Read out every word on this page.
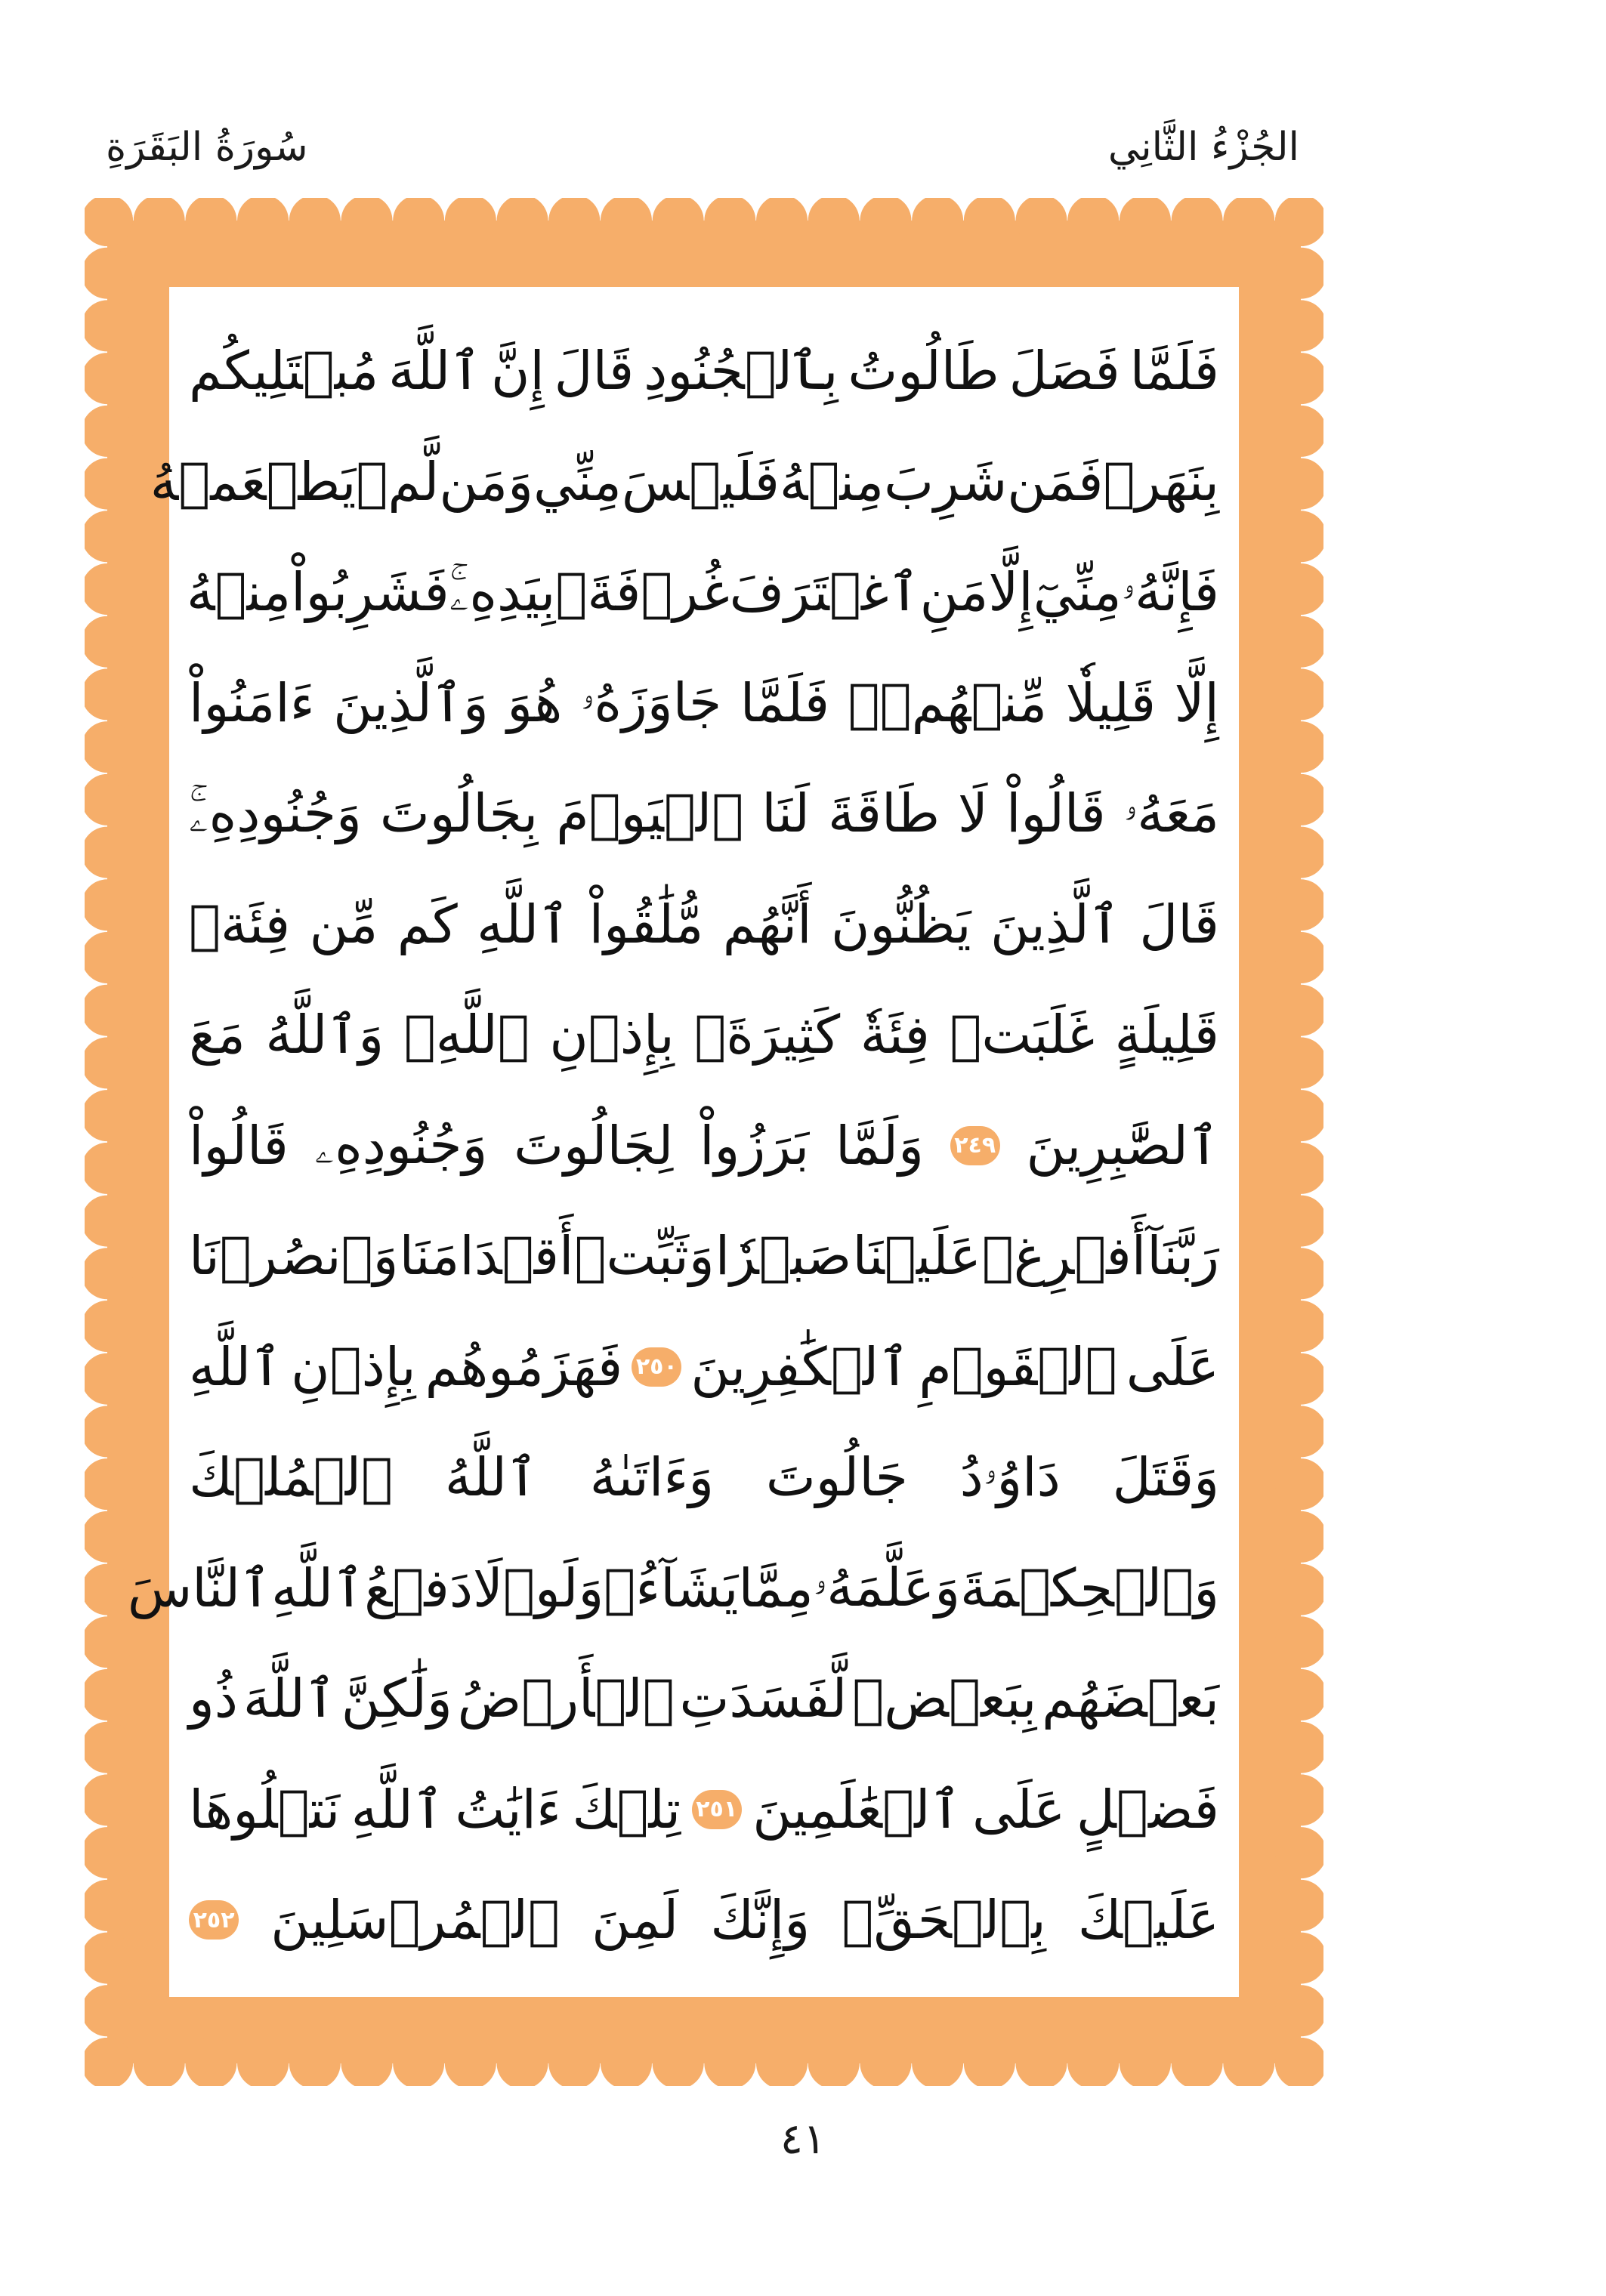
الجُزْءُ الثَّانِي
سُورَةُ البَقَرَةِ
فَلَمَّا
فَصَلَ
طَالُوتُ
بِٱلۡجُنُودِ
قَالَ
إِنَّ
ٱللَّهَ
مُبۡتَلِيكُم
بِنَهَرٖ
فَمَن
شَرِبَ
مِنۡهُ
فَلَيۡسَ
مِنِّي
وَمَن
لَّمۡ
يَطۡعَمۡهُ
فَإِنَّهُۥ
مِنِّيٓ
إِلَّا
مَنِ
ٱغۡتَرَفَ
غُرۡفَةَۢ
بِيَدِهِۦۚ
فَشَرِبُواْ
مِنۡهُ
إِلَّا
قَلِيلٗا
مِّنۡهُمۡۚ
فَلَمَّا
جَاوَزَهُۥ
هُوَ
وَٱلَّذِينَ
ءَامَنُواْ
مَعَهُۥ
قَالُواْ
لَا
طَاقَةَ
لَنَا
ٱلۡيَوۡمَ
بِجَالُوتَ
وَجُنُودِهِۦۚ
قَالَ
ٱلَّذِينَ
يَظُنُّونَ
أَنَّهُم
مُّلَٰقُواْ
ٱللَّهِ
كَم
مِّن
فِئَةٖ
قَلِيلَةٍ
غَلَبَتۡ
فِئَةٗ
كَثِيرَةَۢ
بِإِذۡنِ
ٱللَّهِۗ
وَٱللَّهُ
مَعَ
ٱلصَّٰبِرِينَ
٢٤٩
وَلَمَّا
بَرَزُواْ
لِجَالُوتَ
وَجُنُودِهِۦ
قَالُواْ
رَبَّنَآ
أَفۡرِغۡ
عَلَيۡنَا
صَبۡرٗا
وَثَبِّتۡ
أَقۡدَامَنَا
وَٱنصُرۡنَا
عَلَى
ٱلۡقَوۡمِ
ٱلۡكَٰفِرِينَ
٢٥٠
فَهَزَمُوهُم
بِإِذۡنِ
ٱللَّهِ
وَقَتَلَ
دَاوُۥدُ
جَالُوتَ
وَءَاتَىٰهُ
ٱللَّهُ
ٱلۡمُلۡكَ
وَٱلۡحِكۡمَةَ
وَعَلَّمَهُۥ
مِمَّا
يَشَآءُۗ
وَلَوۡلَا
دَفۡعُ
ٱللَّهِ
ٱلنَّاسَ
بَعۡضَهُم
بِبَعۡضٖ
لَّفَسَدَتِ
ٱلۡأَرۡضُ
وَلَٰكِنَّ
ٱللَّهَ
ذُو
فَضۡلٍ
عَلَى
ٱلۡعَٰلَمِينَ
٢٥١
تِلۡكَ
ءَايَٰتُ
ٱللَّهِ
نَتۡلُوهَا
عَلَيۡكَ
بِٱلۡحَقِّۚ
وَإِنَّكَ
لَمِنَ
ٱلۡمُرۡسَلِينَ
٢٥٢
٤١
